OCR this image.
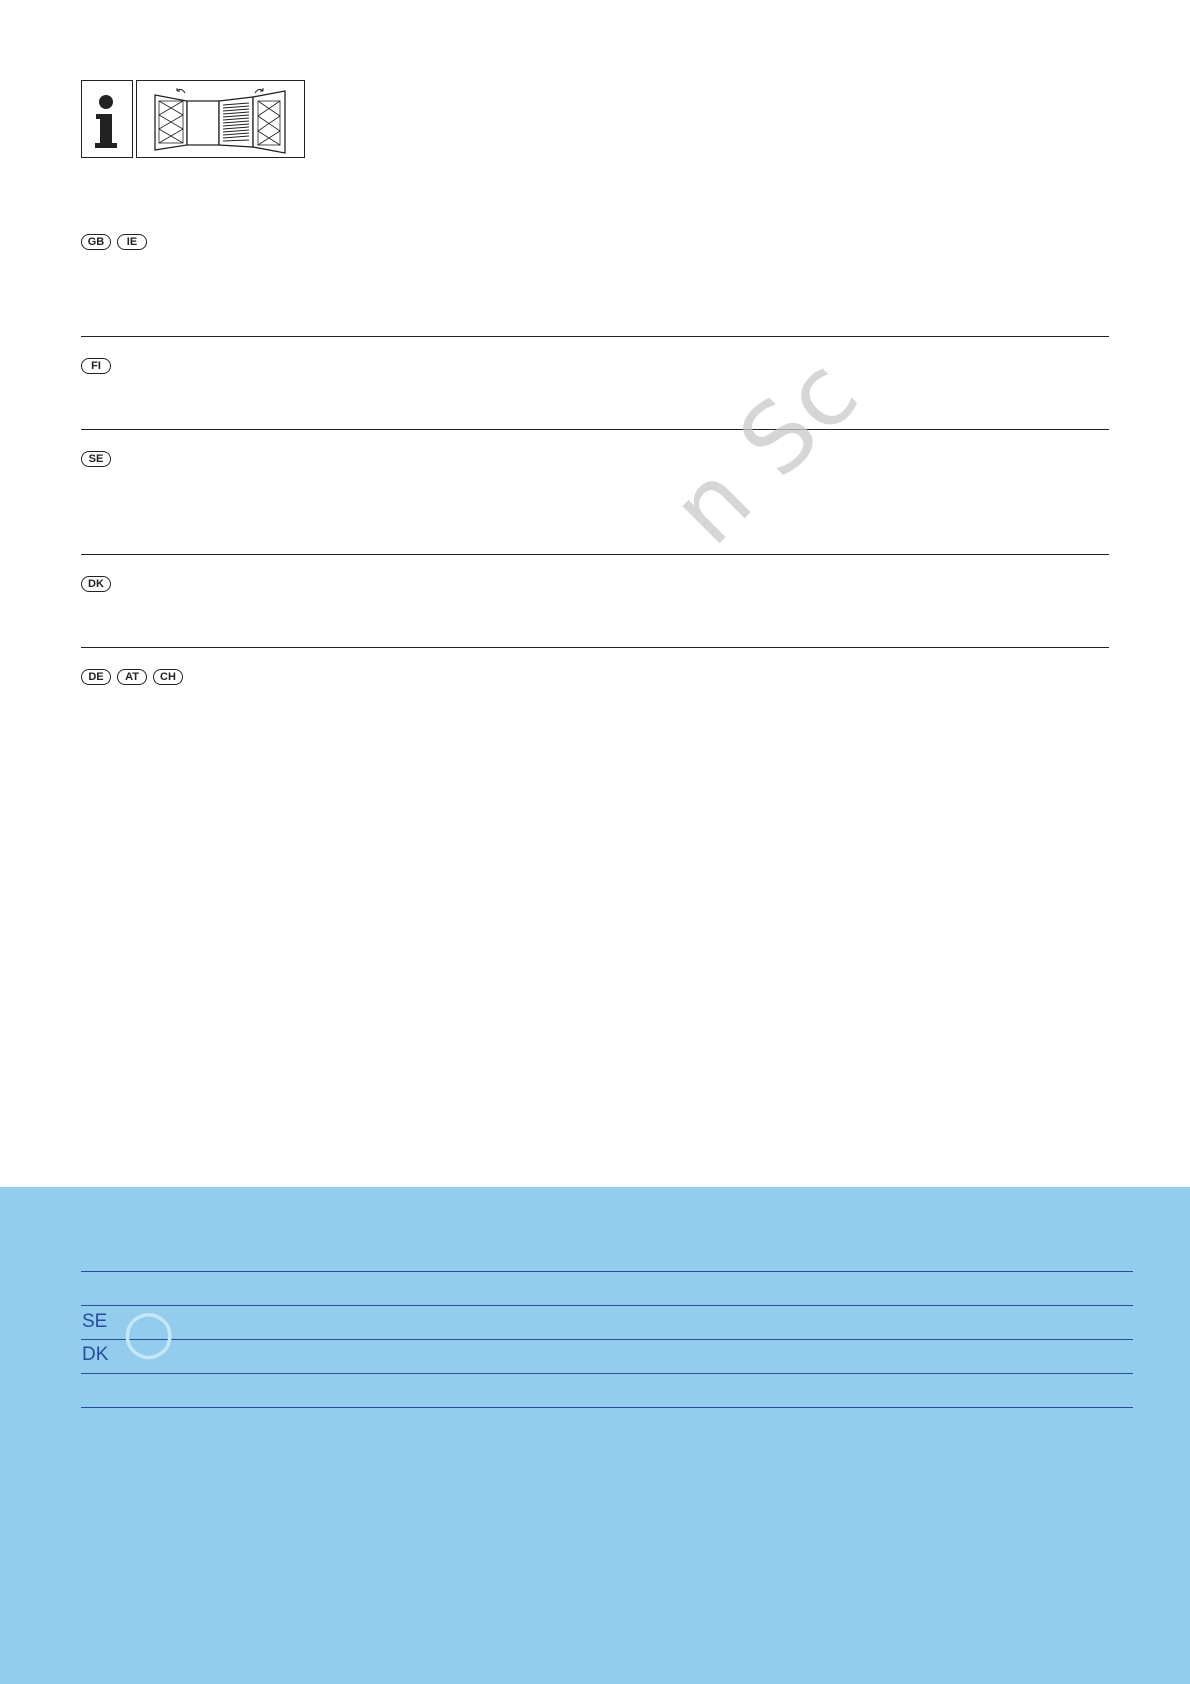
GB	IE
FI
SE
DK
DE	AT	CH
n Sc
SE
DK
○
